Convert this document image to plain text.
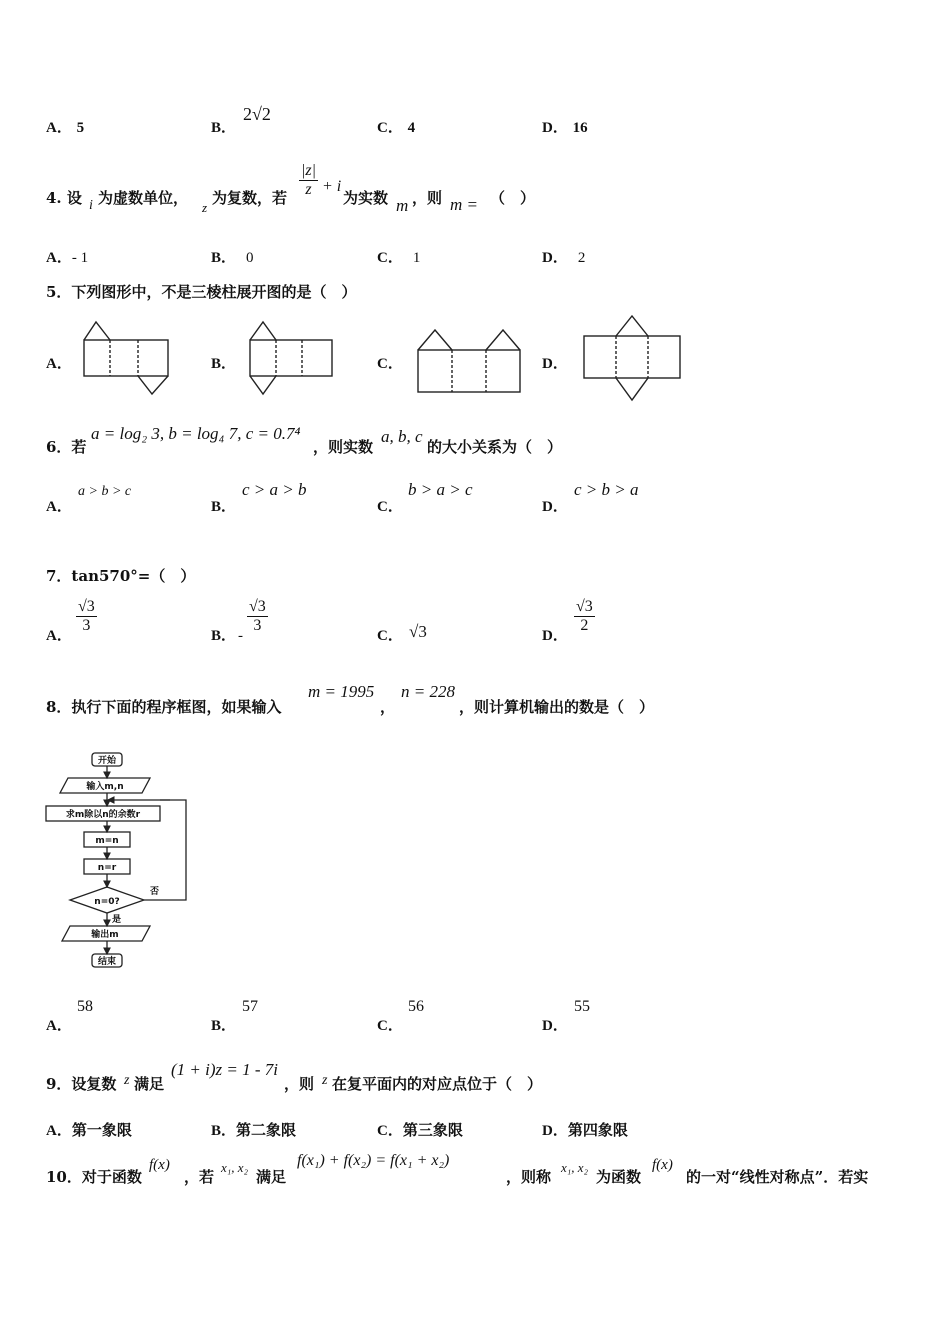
A． 5	B．
2√2
C． 4	D． 16
4. 设 i 为虚数单位，
z
为复数，若 $\frac{|z|}{z} + i$
为实数 m ，则 m = （　）
A．- 1	B． 0	C． 1	D． 2
5．下列图形中，不是三棱柱展开图的是（　）
A．	B．	C．	D．
6．若
a = log₂ 3, b = log₄ 7, c = 0.7⁴
，则实数
a, b, c
的大小关系为（　）
A．
a > b > c
B．
c > a > b
C．
b > a > c
D．
c > b > a
7．tan570°=（　）
A．
$\frac{√3}{3}$
B． -
$\frac{√3}{3}$
C． √3	D．
$\frac{√3}{2}$
8．执行下面的程序框图，如果输入
m = 1995
，
n = 228
，则计算机输出的数是（　）
开始
输入m,n
求m除以n的余数r
m=n
n=r
n=0?
否
是
输出m
结束
A．
58
B．
57
C．
56
D．
55
9．设复数 z 满足
(1 + i)z = 1 - 7i
，则 z 在复平面内的对应点位于（　）
A．第一象限	B．第二象限	C．第三象限	D．第四象限
10．对于函数
f(x)
，若
x₁, x₂
满足
f(x₁) + f(x₂) = f(x₁ + x₂)
，则称
x₁, x₂
为函数
f(x)
的一对“线性对称点”．若实
